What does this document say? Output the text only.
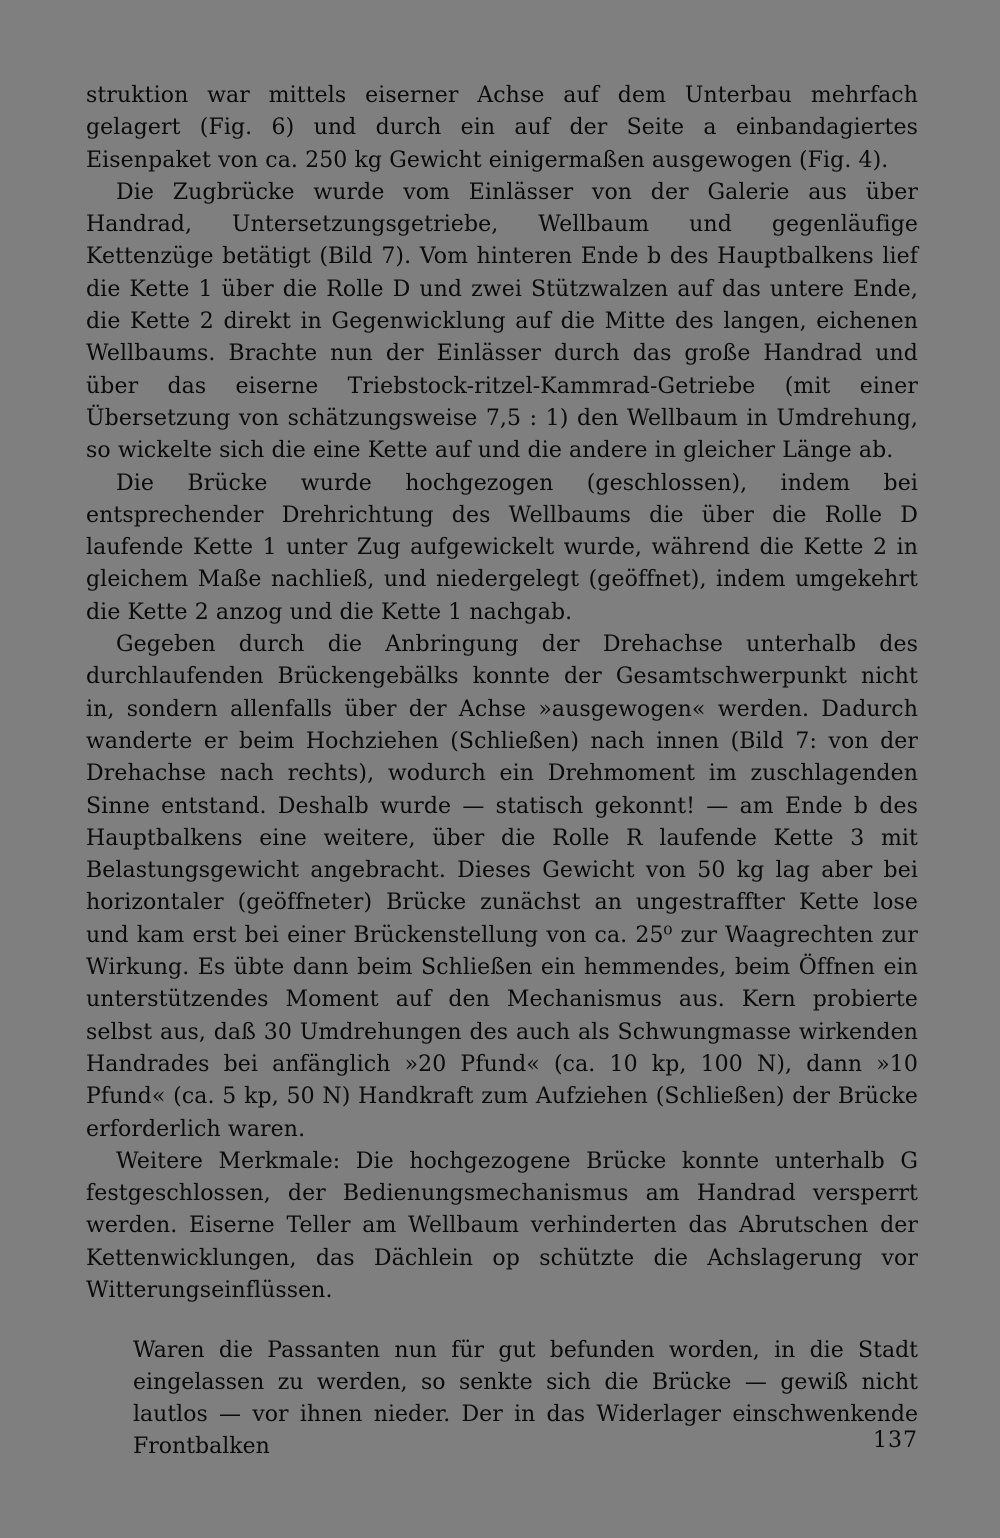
struktion war mittels eiserner Achse auf dem Unterbau mehrfach gelagert (Fig. 6) und durch ein auf der Seite a einbandagiertes Eisenpaket von ca. 250 kg Gewicht einigermaßen ausgewogen (Fig. 4).

Die Zugbrücke wurde vom Einlässer von der Galerie aus über Handrad, Untersetzungsgetriebe, Wellbaum und gegenläufige Kettenzüge betätigt (Bild 7). Vom hinteren Ende b des Hauptbalkens lief die Kette 1 über die Rolle D und zwei Stützwalzen auf das untere Ende, die Kette 2 direkt in Gegenwicklung auf die Mitte des langen, eichenen Wellbaums. Brachte nun der Einlässer durch das große Handrad und über das eiserne Triebstock-ritzel-Kammrad-Getriebe (mit einer Übersetzung von schätzungsweise 7,5 : 1) den Wellbaum in Umdrehung, so wickelte sich die eine Kette auf und die andere in gleicher Länge ab.

Die Brücke wurde hochgezogen (geschlossen), indem bei entsprechender Drehrichtung des Wellbaums die über die Rolle D laufende Kette 1 unter Zug aufgewickelt wurde, während die Kette 2 in gleichem Maße nachließ, und niedergelegt (geöffnet), indem umgekehrt die Kette 2 anzog und die Kette 1 nachgab.

Gegeben durch die Anbringung der Drehachse unterhalb des durchlaufenden Brückengebälks konnte der Gesamtschwerpunkt nicht in, sondern allenfalls über der Achse »ausgewogen« werden. Dadurch wanderte er beim Hochziehen (Schließen) nach innen (Bild 7: von der Drehachse nach rechts), wodurch ein Drehmoment im zuschlagenden Sinne entstand. Deshalb wurde — statisch gekonnt! — am Ende b des Hauptbalkens eine weitere, über die Rolle R laufende Kette 3 mit Belastungsgewicht angebracht. Dieses Gewicht von 50 kg lag aber bei horizontaler (geöffneter) Brücke zunächst an ungestraffter Kette lose und kam erst bei einer Brückenstellung von ca. 25⁰ zur Waagrechten zur Wirkung. Es übte dann beim Schließen ein hemmendes, beim Öffnen ein unterstützendes Moment auf den Mechanismus aus. Kern probierte selbst aus, daß 30 Umdrehungen des auch als Schwungmasse wirkenden Handrades bei anfänglich »20 Pfund« (ca. 10 kp, 100 N), dann »10 Pfund« (ca. 5 kp, 50 N) Handkraft zum Aufziehen (Schließen) der Brücke erforderlich waren.

Weitere Merkmale: Die hochgezogene Brücke konnte unterhalb G festgeschlossen, der Bedienungsmechanismus am Handrad versperrt werden. Eiserne Teller am Wellbaum verhinderten das Abrutschen der Kettenwicklungen, das Dächlein op schützte die Achslagerung vor Witterungseinflüssen.

Waren die Passanten nun für gut befunden worden, in die Stadt eingelassen zu werden, so senkte sich die Brücke — gewiß nicht lautlos — vor ihnen nieder. Der in das Widerlager einschwenkende Frontbalken	137
